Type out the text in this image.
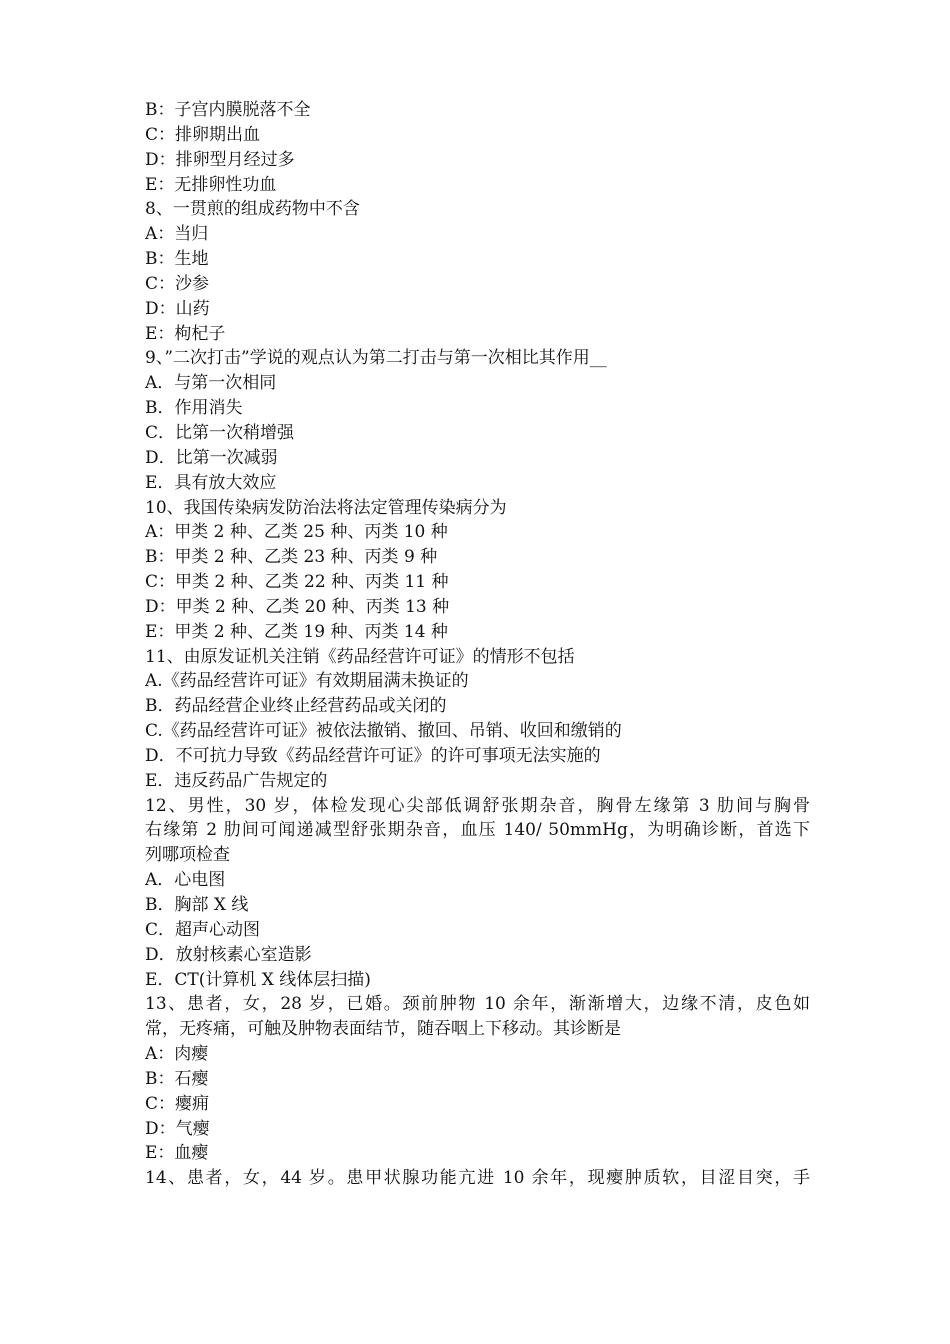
B：子宫内膜脱落不全
C：排卵期出血
D：排卵型月经过多
E：无排卵性功血
8、一贯煎的组成药物中不含
A：当归
B：生地
C：沙参
D：山药
E：枸杞子
9、”二次打击”学说的观点认为第二打击与第一次相比其作用__
A．与第一次相同
B．作用消失
C．比第一次稍增强
D．比第一次减弱
E．具有放大效应
10、我国传染病发防治法将法定管理传染病分为
A：甲类 2 种、乙类 25 种、丙类 10 种
B：甲类 2 种、乙类 23 种、丙类 9 种
C：甲类 2 种、乙类 22 种、丙类 11 种
D：甲类 2 种、乙类 20 种、丙类 13 种
E：甲类 2 种、乙类 19 种、丙类 14 种
11、由原发证机关注销《药品经营许可证》的情形不包括
A.《药品经营许可证》有效期届满未换证的
B．药品经营企业终止经营药品或关闭的
C.《药品经营许可证》被依法撤销、撤回、吊销、收回和缴销的
D．不可抗力导致《药品经营许可证》的许可事项无法实施的
E．违反药品广告规定的
12、男性，30 岁，体检发现心尖部低调舒张期杂音，胸骨左缘第 3 肋间与胸骨
右缘第 2 肋间可闻递减型舒张期杂音，血压 140/ 50mmHg，为明确诊断，首选下
列哪项检查
A．心电图
B．胸部 X 线
C．超声心动图
D．放射核素心室造影
E．CT(计算机 X 线体层扫描)
13、患者，女，28 岁，已婚。颈前肿物 10 余年，渐渐增大，边缘不清，皮色如
常，无疼痛，可触及肿物表面结节，随吞咽上下移动。其诊断是
A：肉瘿
B：石瘿
C：瘿痈
D：气瘿
E：血瘿
14、患者，女，44 岁。患甲状腺功能亢进 10 余年，现瘿肿质软，目涩目突，手
